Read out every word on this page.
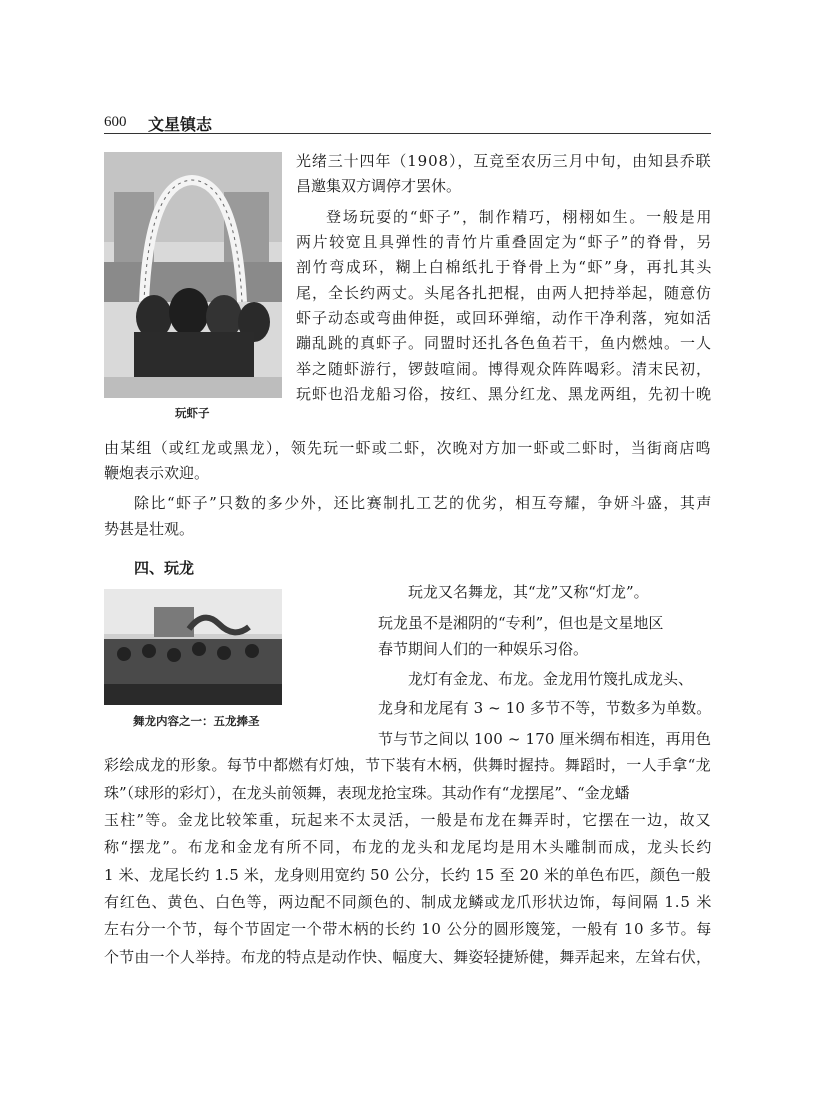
600 文星镇志
玩虾子
光绪三十四年（1908），互竞至农历三月中旬，由知县乔联
昌邀集双方调停才罢休。
登场玩耍的“虾子”，制作精巧，栩栩如生。一般是用
两片较宽且具弹性的青竹片重叠固定为“虾子”的脊骨，另
剖竹弯成环，糊上白棉纸扎于脊骨上为“虾”身，再扎其头
尾，全长约两丈。头尾各扎把棍，由两人把持举起，随意仿
虾子动态或弯曲伸挺，或回环弹缩，动作干净利落，宛如活
蹦乱跳的真虾子。同盟时还扎各色鱼若干，鱼内燃烛。一人
举之随虾游行，锣鼓喧闹。博得观众阵阵喝彩。清末民初，
玩虾也沿龙船习俗，按红、黑分红龙、黑龙两组，先初十晚
由某组（或红龙或黑龙），领先玩一虾或二虾，次晚对方加一虾或二虾时，当街商店鸣
鞭炮表示欢迎。
除比“虾子”只数的多少外，还比赛制扎工艺的优劣，相互夸耀，争妍斗盛，其声
势甚是壮观。
四、玩龙
舞龙内容之一：五龙捧圣
玩龙又名舞龙，其“龙”又称“灯龙”。
玩龙虽不是湘阴的“专利”，但也是文星地区
春节期间人们的一种娱乐习俗。
龙灯有金龙、布龙。金龙用竹篾扎成龙头、
龙身和龙尾有 3 ~ 10 多节不等，节数多为单数。
节与节之间以 100 ~ 170 厘米绸布相连，再用色
彩绘成龙的形象。每节中都燃有灯烛，节下装有木柄，供舞时握持。舞蹈时，一人手拿“龙
珠”（球形的彩灯），在龙头前领舞，表现龙抢宝珠。其动作有“龙摆尾”、“金龙蟠
玉柱”等。金龙比较笨重，玩起来不太灵活，一般是布龙在舞弄时，它摆在一边，故又
称“摆龙”。布龙和金龙有所不同，布龙的龙头和龙尾均是用木头雕制而成，龙头长约
1 米、龙尾长约 1.5 米，龙身则用宽约 50 公分，长约 15 至 20 米的单色布匹，颜色一般
有红色、黄色、白色等，两边配不同颜色的、制成龙鳞或龙爪形状边饰，每间隔 1.5 米
左右分一个节，每个节固定一个带木柄的长约 10 公分的圆形篾笼，一般有 10 多节。每
个节由一个人举持。布龙的特点是动作快、幅度大、舞姿轻捷矫健，舞弄起来，左耸右伏，
